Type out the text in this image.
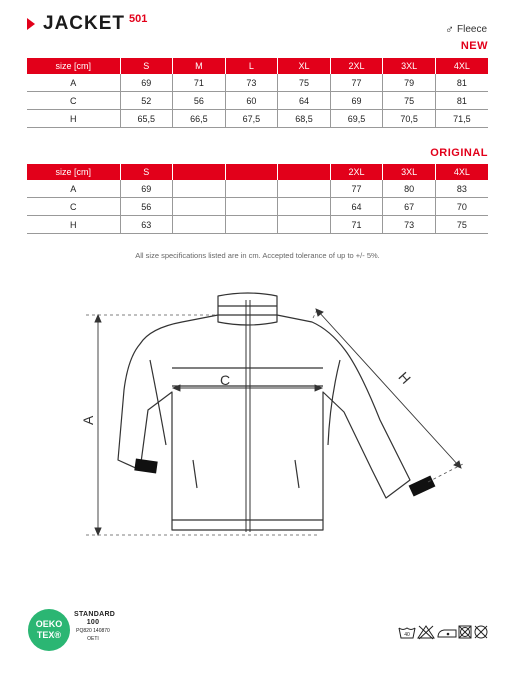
JACKET 501
♂ Fleece
NEW
size [cm]	S	M	L	XL	2XL	3XL	4XL
A	69	71	73	75	77	79	81
C	52	56	60	64	69	75	81
H	65,5	66,5	67,5	68,5	69,5	70,5	71,5
ORIGINAL
size [cm]	S				2XL	3XL	4XL
A	69				77	80	83
C	56				64	67	70
H	63				71	73	75
All size specifications listed are in cm. Accepted tolerance of up to +/- 5%.
A
C	H
OEKO
TEX®
STANDARD
100
PQ820 140870
OETI
40
